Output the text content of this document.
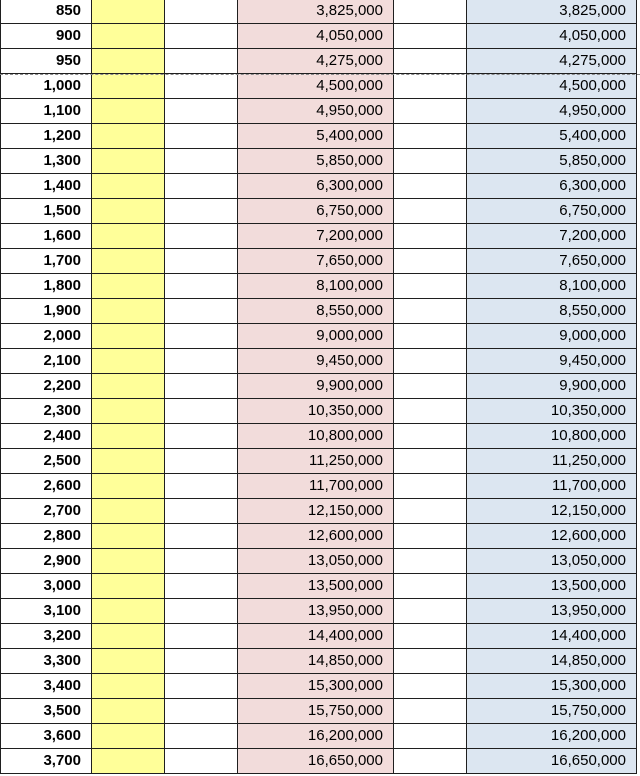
850	3,825,000	3,825,000
900	4,050,000	4,050,000
950	4,275,000	4,275,000
1,000	4,500,000	4,500,000
1,100	4,950,000	4,950,000
1,200	5,400,000	5,400,000
1,300	5,850,000	5,850,000
1,400	6,300,000	6,300,000
1,500	6,750,000	6,750,000
1,600	7,200,000	7,200,000
1,700	7,650,000	7,650,000
1,800	8,100,000	8,100,000
1,900	8,550,000	8,550,000
2,000	9,000,000	9,000,000
2,100	9,450,000	9,450,000
2,200	9,900,000	9,900,000
2,300	10,350,000	10,350,000
2,400	10,800,000	10,800,000
2,500	11,250,000	11,250,000
2,600	11,700,000	11,700,000
2,700	12,150,000	12,150,000
2,800	12,600,000	12,600,000
2,900	13,050,000	13,050,000
3,000	13,500,000	13,500,000
3,100	13,950,000	13,950,000
3,200	14,400,000	14,400,000
3,300	14,850,000	14,850,000
3,400	15,300,000	15,300,000
3,500	15,750,000	15,750,000
3,600	16,200,000	16,200,000
3,700	16,650,000	16,650,000
